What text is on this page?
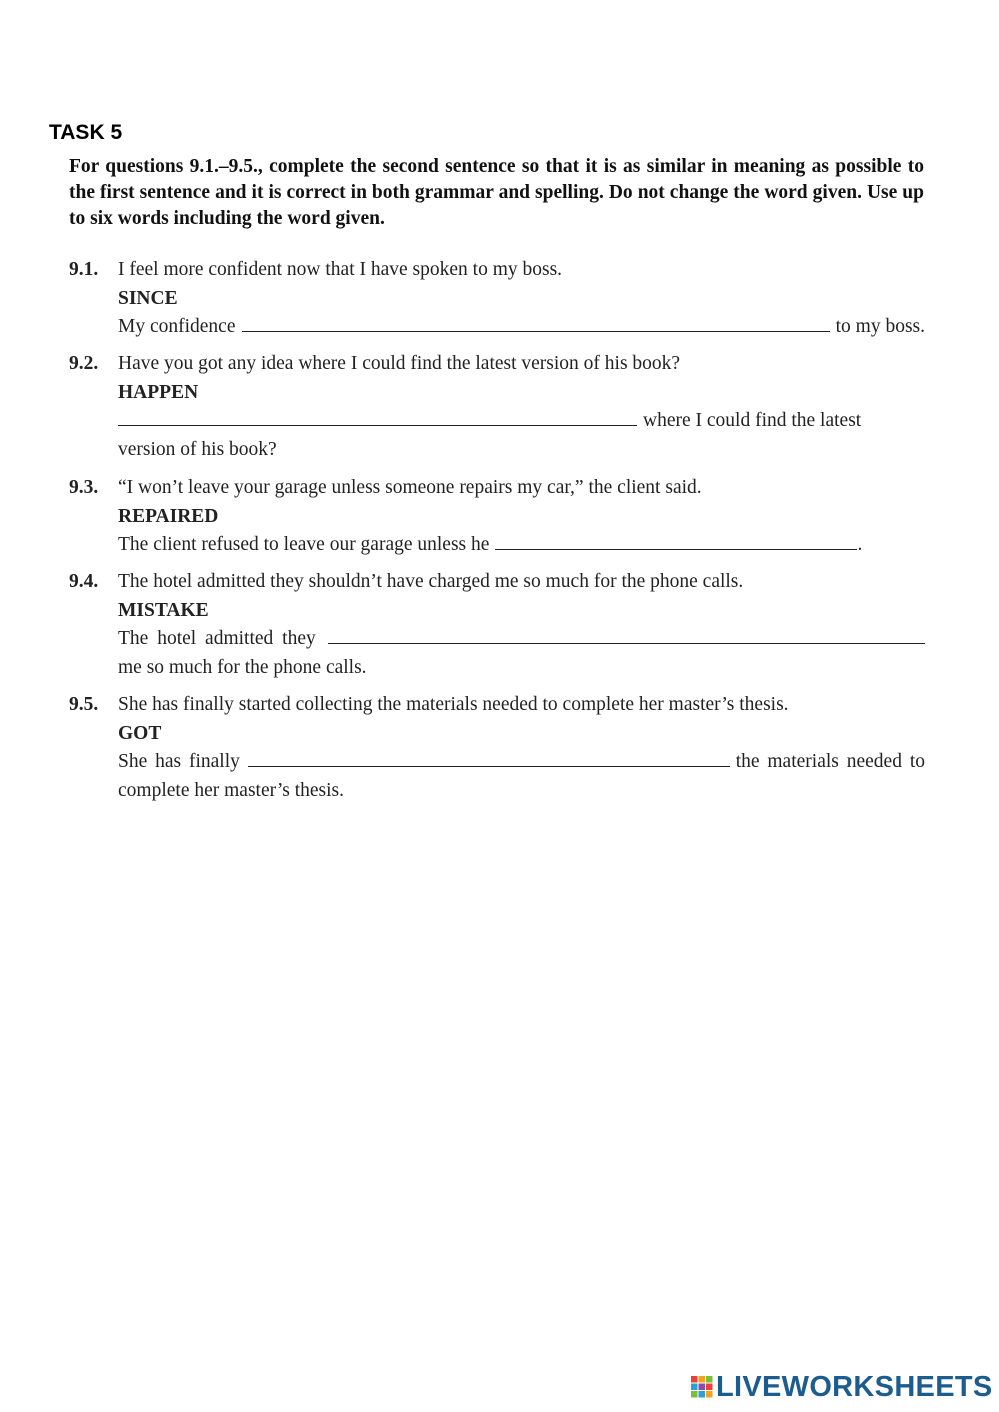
TASK 5
For questions 9.1.–9.5., complete the second sentence so that it is as similar in meaning as possible to the first sentence and it is correct in both grammar and spelling. Do not change the word given. Use up to six words including the word given.
9.1. I feel more confident now that I have spoken to my boss.
SINCE
My confidence	to my boss.
9.2. Have you got any idea where I could find the latest version of his book?
HAPPEN
where I could find the latest
version of his book?
9.3. “I won’t leave your garage unless someone repairs my car,” the client said.
REPAIRED
The client refused to leave our garage unless he	.
9.4. The hotel admitted they shouldn’t have charged me so much for the phone calls.
MISTAKE
The hotel admitted they
me so much for the phone calls.
9.5. She has finally started collecting the materials needed to complete her master’s thesis.
GOT
She has finally	the materials needed to
complete her master’s thesis.
LIVEWORKSHEETS
